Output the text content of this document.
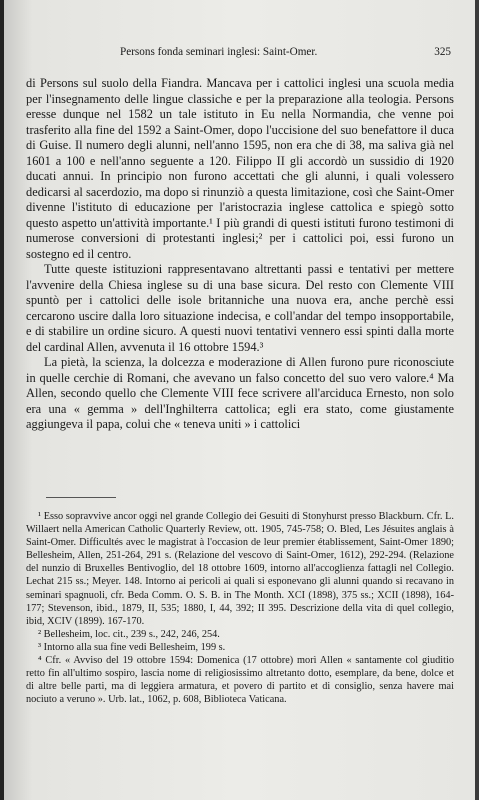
Persons fonda seminari inglesi: Saint-Omer.	325

di Persons sul suolo della Fiandra. Mancava per i cattolici inglesi una scuola media per l'insegnamento delle lingue classiche e per la preparazione alla teologia. Persons eresse dunque nel 1582 un tale istituto in Eu nella Normandia, che venne poi trasferito alla fine del 1592 a Saint-Omer, dopo l'uccisione del suo benefattore il duca di Guise. Il numero degli alunni, nell'anno 1595, non era che di 38, ma saliva già nel 1601 a 100 e nell'anno seguente a 120. Filippo II gli accordò un sussidio di 1920 ducati annui. In principio non furono accettati che gli alunni, i quali volessero dedicarsi al sacerdozio, ma dopo si rinunziò a questa limitazione, così che Saint-Omer divenne l'istituto di educazione per l'aristocrazia inglese cattolica e spiegò sotto questo aspetto un'attività importante.¹ I più grandi di questi istituti furono testimoni di numerose conversioni di protestanti inglesi;² per i cattolici poi, essi furono un sostegno ed il centro.

Tutte queste istituzioni rappresentavano altrettanti passi e tentativi per mettere l'avvenire della Chiesa inglese su di una base sicura. Del resto con Clemente VIII spuntò per i cattolici delle isole britanniche una nuova era, anche perchè essi cercarono uscire dalla loro situazione indecisa, e coll'andar del tempo insopportabile, e di stabilire un ordine sicuro. A questi nuovi tentativi vennero essi spinti dalla morte del cardinal Allen, avvenuta il 16 ottobre 1594.³

La pietà, la scienza, la dolcezza e moderazione di Allen furono pure riconosciute in quelle cerchie di Romani, che avevano un falso concetto del suo vero valore.⁴ Ma Allen, secondo quello che Clemente VIII fece scrivere all'arciduca Ernesto, non solo era una « gemma » dell'Inghilterra cattolica; egli era stato, come giustamente aggiungeva il papa, colui che « teneva uniti » i cattolici

¹ Esso sopravvive ancor oggi nel grande Collegio dei Gesuiti di Stonyhurst presso Blackburn. Cfr. L. Willaert nella American Catholic Quarterly Review, ott. 1905, 745-758; O. Bled, Les Jésuites anglais à Saint-Omer. Difficultés avec le magistrat à l'occasion de leur premier établissement, Saint-Omer 1890; Bellesheim, Allen, 251-264, 291 s. (Relazione del vescovo di Saint-Omer, 1612), 292-294. (Relazione del nunzio di Bruxelles Bentivoglio, del 18 ottobre 1609, intorno all'accoglienza fattagli nel Collegio. Lechat 215 ss.; Meyer. 148. Intorno ai pericoli ai quali si esponevano gli alunni quando si recavano in seminari spagnuoli, cfr. Beda Comm. O. S. B. in The Month. XCI (1898), 375 ss.; XCII (1898), 164-177; Stevenson, ibid., 1879, II, 535; 1880, I, 44, 392; II 395. Descrizione della vita di quel collegio, ibid, XCIV (1899). 167-170.

² Bellesheim, loc. cit., 239 s., 242, 246, 254.

³ Intorno alla sua fine vedi Bellesheim, 199 s.

⁴ Cfr. « Avviso del 19 ottobre 1594: Domenica (17 ottobre) morì Allen « santamente col giuditio retto fin all'ultimo sospiro, lascia nome di religiosissimo altretanto dotto, esemplare, da bene, dolce et di altre belle parti, ma di leggiera armatura, et povero di partito et di consiglio, senza havere mai nociuto a veruno ». Urb. lat., 1062, p. 608, Biblioteca Vaticana.
